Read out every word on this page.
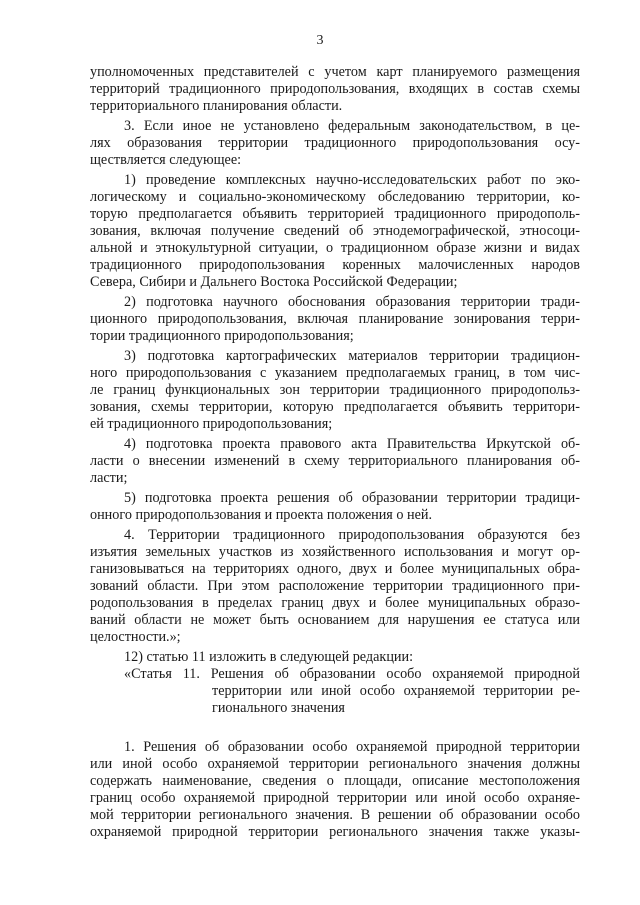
3
уполномоченных представителей с учетом карт планируемого размещения
территорий традиционного природопользования, входящих в состав схемы
территориального планирования области.
3. Если иное не установлено федеральным законодательством, в це-
лях образования территории традиционного природопользования осу-
ществляется следующее:
1) проведение комплексных научно-исследовательских работ по эко-
логическому и социально-экономическому обследованию территории, ко-
торую предполагается объявить территорией традиционного природополь-
зования, включая получение сведений об этнодемографической, этносоци-
альной и этнокультурной ситуации, о традиционном образе жизни и видах
традиционного природопользования коренных малочисленных народов
Севера, Сибири и Дальнего Востока Российской Федерации;
2) подготовка научного обоснования образования территории тради-
ционного природопользования, включая планирование зонирования терри-
тории традиционного природопользования;
3) подготовка картографических материалов территории традицион-
ного природопользования с указанием предполагаемых границ, в том чис-
ле границ функциональных зон территории традиционного природопольз-
зования, схемы территории, которую предполагается объявить территори-
ей традиционного природопользования;
4) подготовка проекта правового акта Правительства Иркутской об-
ласти о внесении изменений в схему территориального планирования об-
ласти;
5) подготовка проекта решения об образовании территории традици-
онного природопользования и проекта положения о ней.
4. Территории традиционного природопользования образуются без
изъятия земельных участков из хозяйственного использования и могут ор-
ганизовываться на территориях одного, двух и более муниципальных обра-
зований области. При этом расположение территории традиционного при-
родопользования в пределах границ двух и более муниципальных образо-
ваний области не может быть основанием для нарушения ее статуса или
целостности.»;
12) статью 11 изложить в следующей редакции:
«Статья 11. Решения об образовании особо охраняемой природной
территории или иной особо охраняемой территории ре-
гионального значения
1. Решения об образовании особо охраняемой природной территории
или иной особо охраняемой территории регионального значения должны
содержать наименование, сведения о площади, описание местоположения
границ особо охраняемой природной территории или иной особо охраняе-
мой территории регионального значения. В решении об образовании особо
охраняемой природной территории регионального значения также указы-
